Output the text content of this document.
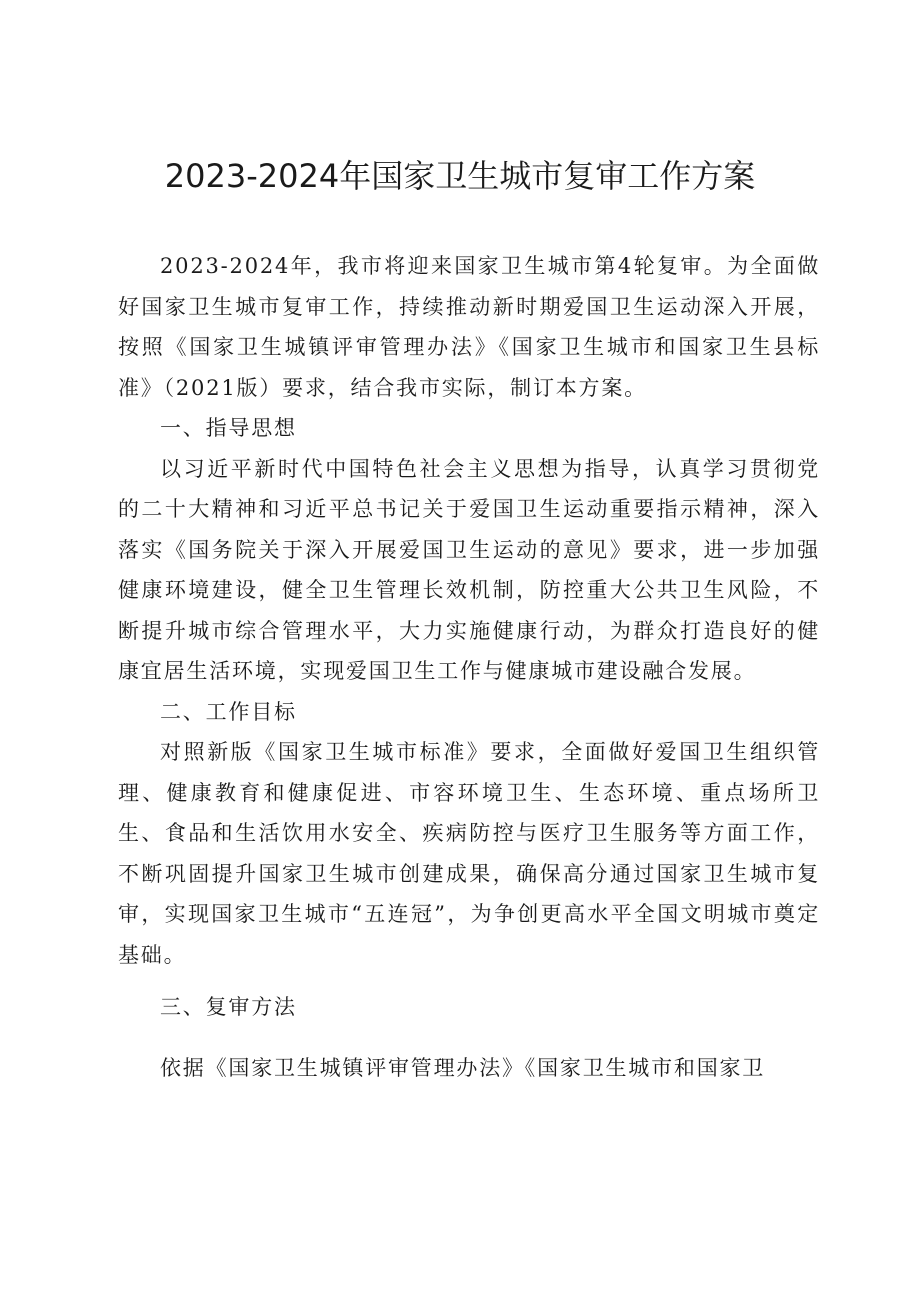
2023-2024年国家卫生城市复审工作方案

2023-2024年，我市将迎来国家卫生城市第4轮复审。为全面做好国家卫生城市复审工作，持续推动新时期爱国卫生运动深入开展，按照《国家卫生城镇评审管理办法》《国家卫生城市和国家卫生县标准》（2021版）要求，结合我市实际，制订本方案。

一、指导思想

以习近平新时代中国特色社会主义思想为指导，认真学习贯彻党的二十大精神和习近平总书记关于爱国卫生运动重要指示精神，深入落实《国务院关于深入开展爱国卫生运动的意见》要求，进一步加强健康环境建设，健全卫生管理长效机制，防控重大公共卫生风险，不断提升城市综合管理水平，大力实施健康行动，为群众打造良好的健康宜居生活环境，实现爱国卫生工作与健康城市建设融合发展。

二、工作目标

对照新版《国家卫生城市标准》要求，全面做好爱国卫生组织管理、健康教育和健康促进、市容环境卫生、生态环境、重点场所卫生、食品和生活饮用水安全、疾病防控与医疗卫生服务等方面工作，不断巩固提升国家卫生城市创建成果，确保高分通过国家卫生城市复审，实现国家卫生城市“五连冠”，为争创更高水平全国文明城市奠定基础。

三、复审方法

依据《国家卫生城镇评审管理办法》《国家卫生城市和国家卫
